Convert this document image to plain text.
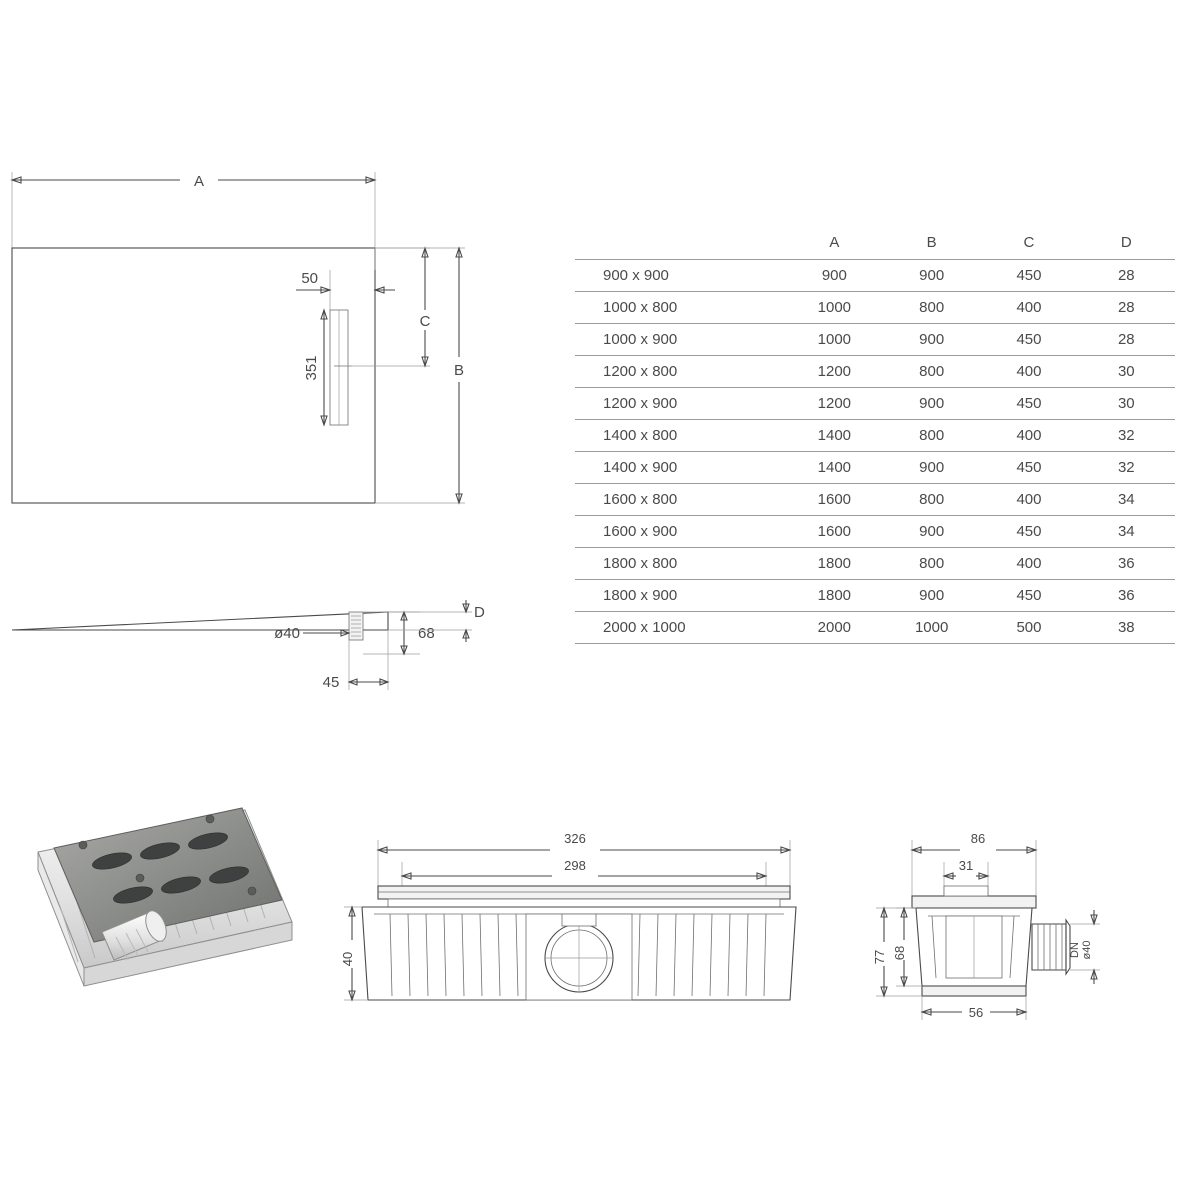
A
50
351
C
B
ø40	68
D
45
	A	B	C	D
900 x 900	900	900	450	28
1000 x 800	1000	800	400	28
1000 x 900	1000	900	450	28
1200 x 800	1200	800	400	30
1200 x 900	1200	900	450	30
1400 x 800	1400	800	400	32
1400 x 900	1400	900	450	32
1600 x 800	1600	800	400	34
1600 x 900	1600	900	450	34
1800 x 800	1800	800	400	36
1800 x 900	1800	900	450	36
2000 x 1000	2000	1000	500	38
326
298
40
86
31
DN ø40
77 68
56
